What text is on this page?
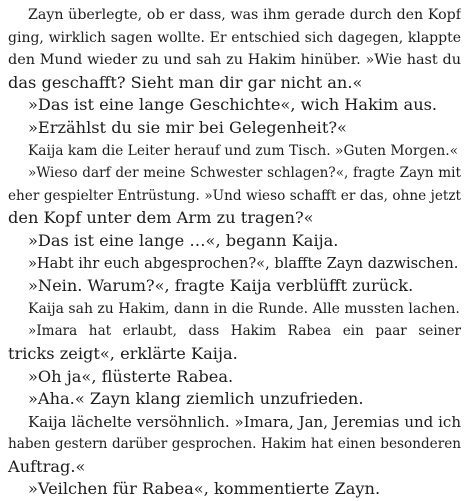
Zayn überlegte, ob er dass, was ihm gerade durch den Kopf
ging, wirklich sagen wollte. Er entschied sich dagegen, klappte
den Mund wieder zu und sah zu Hakim hinüber. »Wie hast du
das geschafft? Sieht man dir gar nicht an.«
»Das ist eine lange Geschichte«, wich Hakim aus.
»Erzählst du sie mir bei Gelegenheit?«
Kaija kam die Leiter herauf und zum Tisch. »Guten Morgen.«
»Wieso darf der meine Schwester schlagen?«, fragte Zayn mit
eher gespielter Entrüstung. »Und wieso schafft er das, ohne jetzt
den Kopf unter dem Arm zu tragen?«
»Das ist eine lange …«, begann Kaija.
»Habt ihr euch abgesprochen?«, blaffte Zayn dazwischen.
»Nein. Warum?«, fragte Kaija verblüfft zurück.
Kaija sah zu Hakim, dann in die Runde. Alle mussten lachen.
»Imara hat erlaubt, dass Hakim Rabea ein paar seiner
tricks zeigt«, erklärte Kaija.
»Oh ja«, flüsterte Rabea.
»Aha.« Zayn klang ziemlich unzufrieden.
Kaija lächelte versöhnlich. »Imara, Jan, Jeremias und ich
haben gestern darüber gesprochen. Hakim hat einen besonderen
Auftrag.«
»Veilchen für Rabea«, kommentierte Zayn.
